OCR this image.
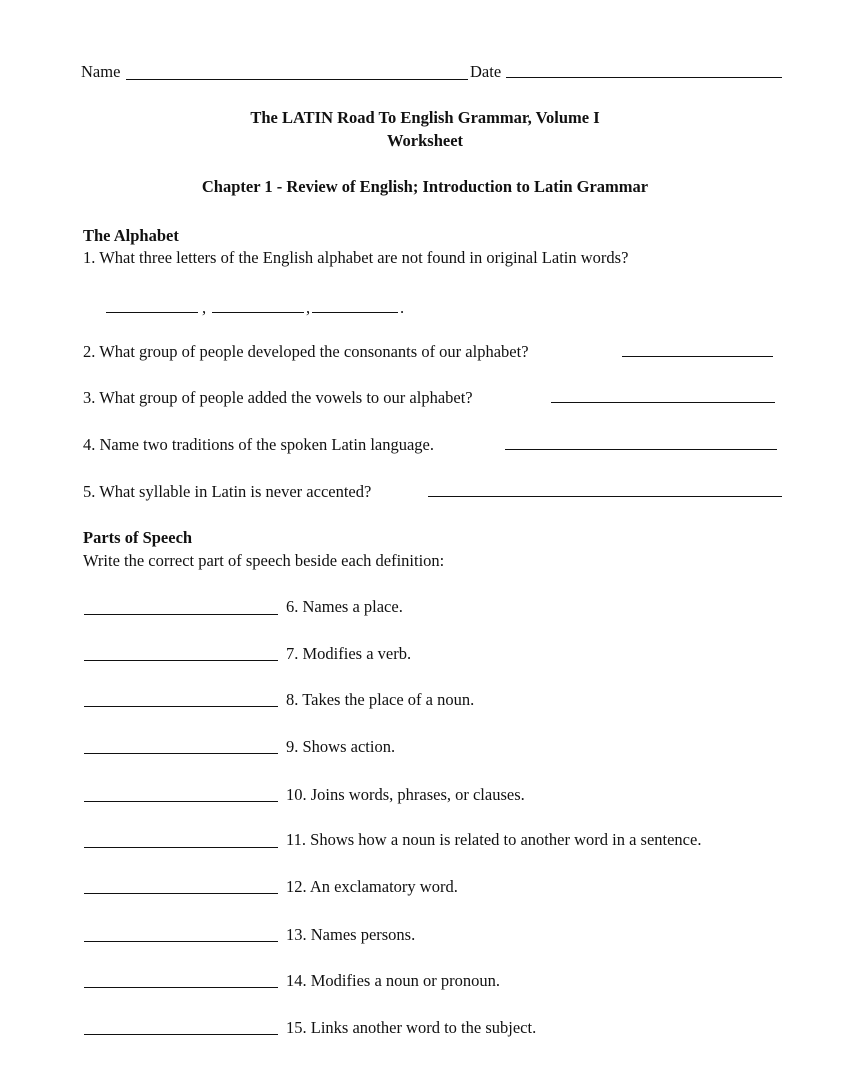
Name	Date
The LATIN Road To English Grammar, Volume I
Worksheet
Chapter 1 - Review of English; Introduction to Latin Grammar
The Alphabet
1. What three letters of the English alphabet are not found in original Latin words?
,	,	.
2. What group of people developed the consonants of our alphabet?
3. What group of people added the vowels to our alphabet?
4. Name two traditions of the spoken Latin language.
5. What syllable in Latin is never accented?
Parts of Speech
Write the correct part of speech beside each definition:
6. Names a place.
7. Modifies a verb.
8. Takes the place of a noun.
9. Shows action.
10. Joins words, phrases, or clauses.
11. Shows how a noun is related to another word in a sentence.
12. An exclamatory word.
13. Names persons.
14. Modifies a noun or pronoun.
15. Links another word to the subject.
